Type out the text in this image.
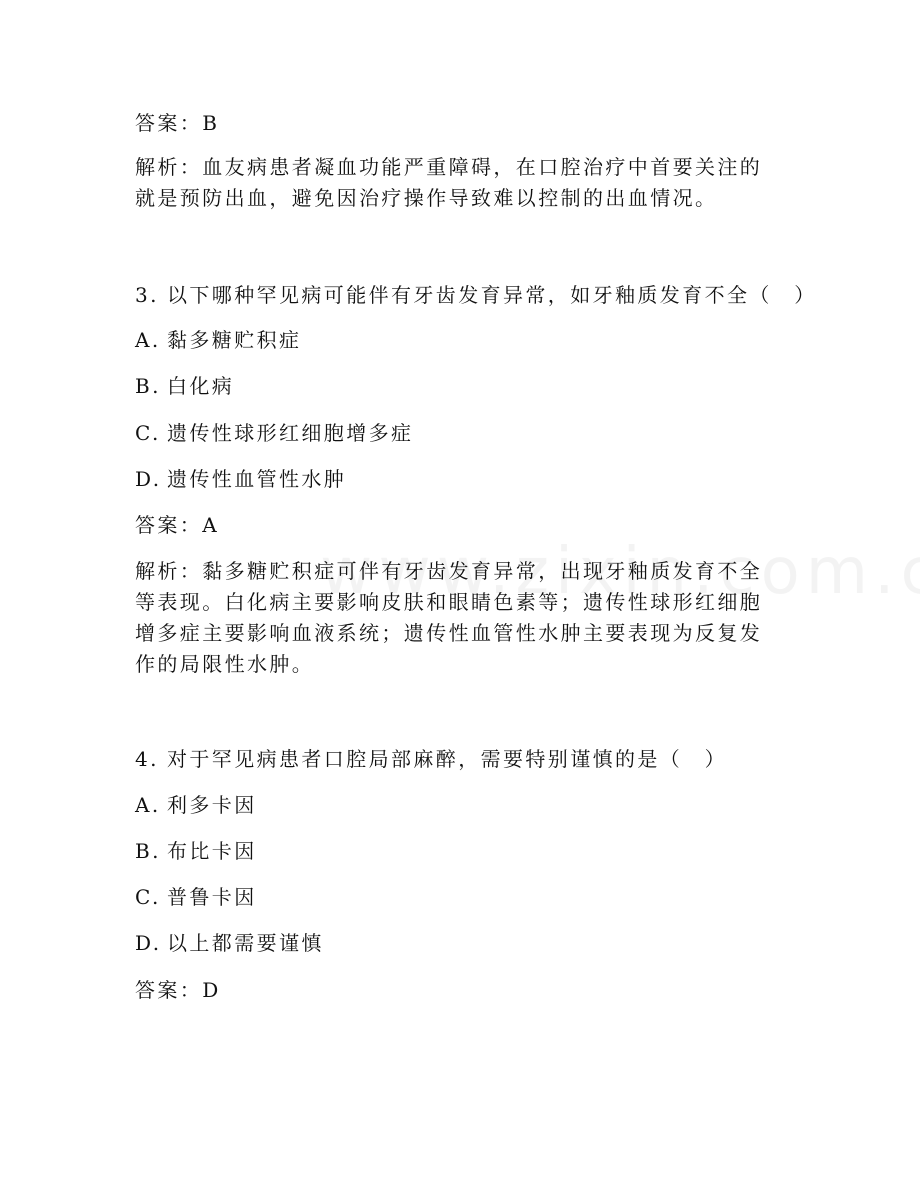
答案：B
解析：血友病患者凝血功能严重障碍，在口腔治疗中首要关注的就是预防出血，避免因治疗操作导致难以控制的出血情况。
3. 以下哪种罕见病可能伴有牙齿发育异常，如牙釉质发育不全（　）
A. 黏多糖贮积症
B. 白化病
C. 遗传性球形红细胞增多症
D. 遗传性血管性水肿
答案：A
解析：黏多糖贮积症可伴有牙齿发育异常，出现牙釉质发育不全等表现。白化病主要影响皮肤和眼睛色素等；遗传性球形红细胞增多症主要影响血液系统；遗传性血管性水肿主要表现为反复发作的局限性水肿。
4. 对于罕见病患者口腔局部麻醉，需要特别谨慎的是（　）
A. 利多卡因
B. 布比卡因
C. 普鲁卡因
D. 以上都需要谨慎
答案：D
